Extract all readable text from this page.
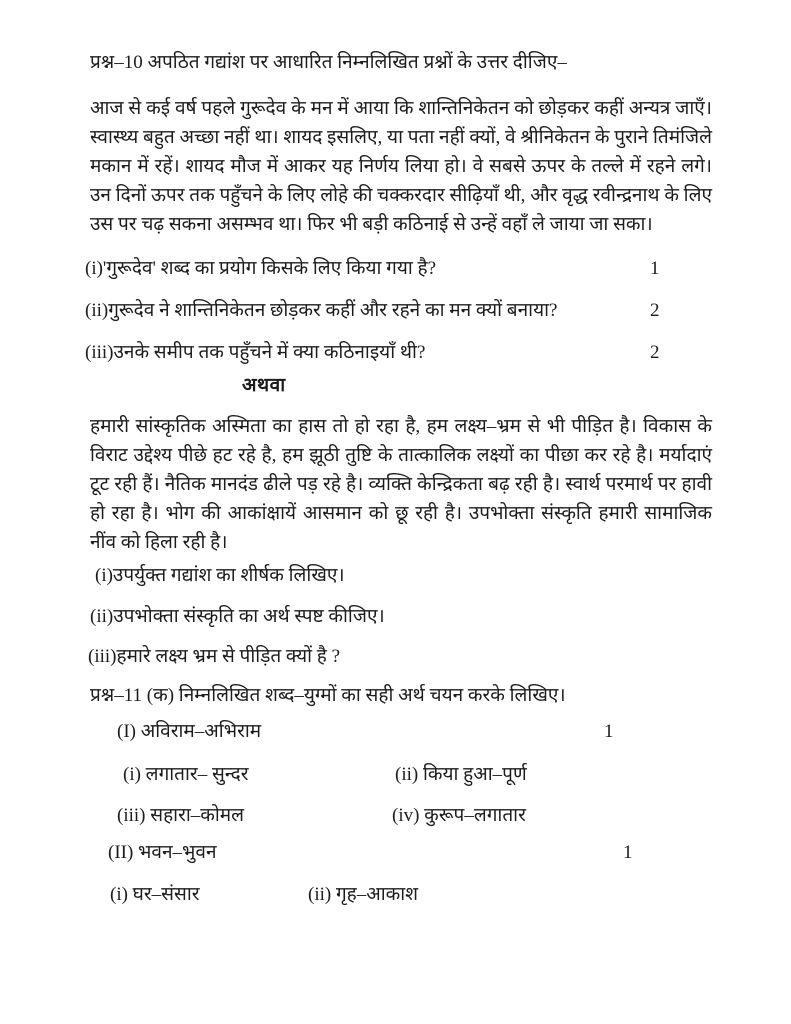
प्रश्न–10 अपठित गद्यांश पर आधारित निम्नलिखित प्रश्नों के उत्तर दीजिए–
आज से कई वर्ष पहले गुरूदेव के मन में आया कि शान्तिनिकेतन को छोड़कर कहीं अन्यत्र जाएँ।स्वास्थ्य बहुत अच्छा नहीं था। शायद इसलिए, या पता नहीं क्यों, वे श्रीनिकेतन के पुराने तिमंजिले मकान में रहें। शायद मौज में आकर यह निर्णय लिया हो। वे सबसे ऊपर के तल्ले में रहने लगे। उन दिनों ऊपर तक पहुँचने के लिए लोहे की चक्करदार सीढ़ियाँ थी, और वृद्ध रवीन्द्रनाथ के लिए उस पर चढ़ सकना असम्भव था। फिर भी बड़ी कठिनाई से उन्हें वहाँ ले जाया जा सका।
(i)'गुरूदेव' शब्द का प्रयोग किसके लिए किया गया है?	1
(ii)गुरूदेव ने शान्तिनिकेतन छोड़कर कहीं और रहने का मन क्यों बनाया?	2
(iii)उनके समीप तक पहुँचने में क्या कठिनाइयाँ थी?	2
अथवा
हमारी सांस्कृतिक अस्मिता का हास तो हो रहा है, हम लक्ष्य–भ्रम से भी पीड़ित है। विकास के विराट उद्देश्य पीछे हट रहे है, हम झूठी तुष्टि के तात्कालिक लक्ष्यों का पीछा कर रहे है। मर्यादाएं टूट रही हैं। नैतिक मानदंड ढीले पड़ रहे है। व्यक्ति केन्द्रिकता बढ़ रही है। स्वार्थ परमार्थ पर हावी हो रहा है। भोग की आकांक्षायें आसमान को छू रही है। उपभोक्ता संस्कृति हमारी सामाजिक नींव को हिला रही है।
(i)उपर्युक्त गद्यांश का शीर्षक लिखिए।
(ii)उपभोक्ता संस्कृति का अर्थ स्पष्ट कीजिए।
(iii)हमारे लक्ष्य भ्रम से पीड़ित क्यों है ?
प्रश्न–11 (क) निम्नलिखित शब्द–युग्मों का सही अर्थ चयन करके लिखिए।
(I) अविराम–अभिराम	1
(i) लगातार– सुन्दर	(ii) किया हुआ–पूर्ण
(iii) सहारा–कोमल	(iv) कुरूप–लगातार
(II) भवन–भुवन	1
(i) घर–संसार	(ii) गृह–आकाश
